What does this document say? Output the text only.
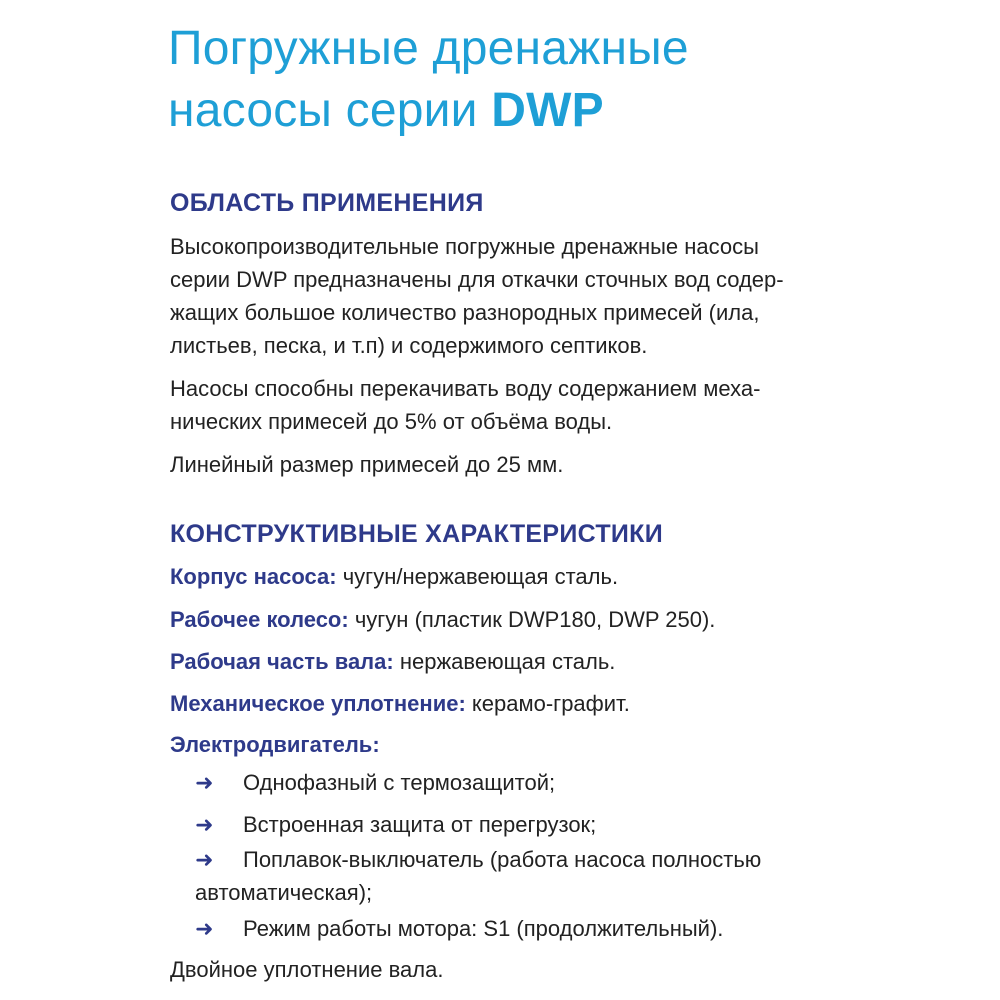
Погружные дренажные
насосы серии DWP
ОБЛАСТЬ ПРИМЕНЕНИЯ

Высокопроизводительные погружные дренажные насосы
серии DWP предназначены для откачки сточных вод содер-
жащих большое количество разнородных примесей (ила,
листьев, песка, и т.п) и содержимого септиков.

Насосы способны перекачивать воду содержанием меха-
нических примесей до 5% от объёма воды.

Линейный размер примесей до 25 мм.

КОНСТРУКТИВНЫЕ ХАРАКТЕРИСТИКИ

Корпус насоса: чугун/нержавеющая сталь.

Рабочее колесо: чугун (пластик DWP180, DWP 250).

Рабочая часть вала: нержавеющая сталь.

Механическое уплотнение: керамо-графит.

Электродвигатель:

➜ Однофазный с термозащитой;

➜ Встроенная защита от перегрузок;

➜ Поплавок-выключатель (работа насоса полностью
автоматическая);

➜ Режим работы мотора: S1 (продолжительный).

Двойное уплотнение вала.
